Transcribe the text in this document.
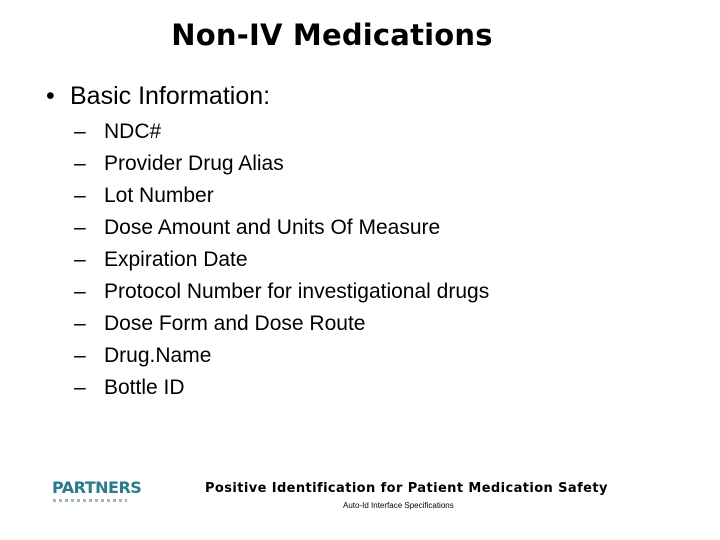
Non-IV Medications
• Basic Information:
– NDC#
– Provider Drug Alias
– Lot Number
– Dose Amount and Units Of Measure
– Expiration Date
– Protocol Number for investigational drugs
– Dose Form and Dose Route
– Drug.Name
– Bottle ID
PARTNERS	Positive Identification for Patient Medication Safety
Auto-Id Interface Specifications
